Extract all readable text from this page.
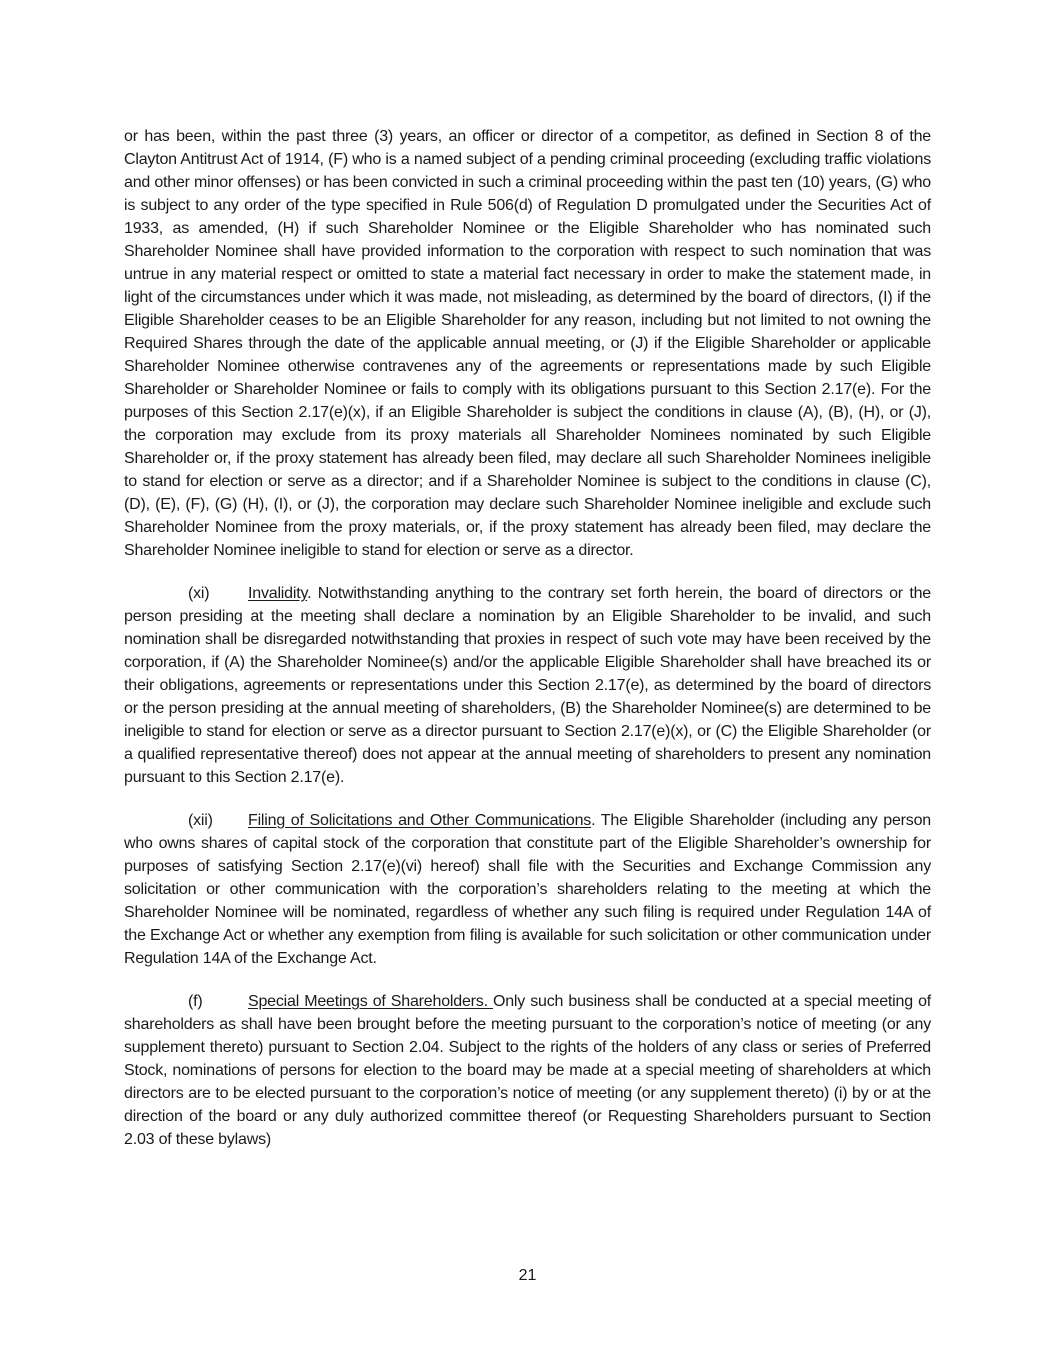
or has been, within the past three (3) years, an officer or director of a competitor, as defined in Section 8 of the Clayton Antitrust Act of 1914, (F) who is a named subject of a pending criminal proceeding (excluding traffic violations and other minor offenses) or has been convicted in such a criminal proceeding within the past ten (10) years, (G) who is subject to any order of the type specified in Rule 506(d) of Regulation D promulgated under the Securities Act of 1933, as amended, (H) if such Shareholder Nominee or the Eligible Shareholder who has nominated such Shareholder Nominee shall have provided information to the corporation with respect to such nomination that was untrue in any material respect or omitted to state a material fact necessary in order to make the statement made, in light of the circumstances under which it was made, not misleading, as determined by the board of directors, (I) if the Eligible Shareholder ceases to be an Eligible Shareholder for any reason, including but not limited to not owning the Required Shares through the date of the applicable annual meeting, or (J) if the Eligible Shareholder or applicable Shareholder Nominee otherwise contravenes any of the agreements or representations made by such Eligible Shareholder or Shareholder Nominee or fails to comply with its obligations pursuant to this Section 2.17(e). For the purposes of this Section 2.17(e)(x), if an Eligible Shareholder is subject the conditions in clause (A), (B), (H), or (J), the corporation may exclude from its proxy materials all Shareholder Nominees nominated by such Eligible Shareholder or, if the proxy statement has already been filed, may declare all such Shareholder Nominees ineligible to stand for election or serve as a director; and if a Shareholder Nominee is subject to the conditions in clause (C), (D), (E), (F), (G) (H), (I), or (J), the corporation may declare such Shareholder Nominee ineligible and exclude such Shareholder Nominee from the proxy materials, or, if the proxy statement has already been filed, may declare the Shareholder Nominee ineligible to stand for election or serve as a director.

(xi) Invalidity. Notwithstanding anything to the contrary set forth herein, the board of directors or the person presiding at the meeting shall declare a nomination by an Eligible Shareholder to be invalid, and such nomination shall be disregarded notwithstanding that proxies in respect of such vote may have been received by the corporation, if (A) the Shareholder Nominee(s) and/or the applicable Eligible Shareholder shall have breached its or their obligations, agreements or representations under this Section 2.17(e), as determined by the board of directors or the person presiding at the annual meeting of shareholders, (B) the Shareholder Nominee(s) are determined to be ineligible to stand for election or serve as a director pursuant to Section 2.17(e)(x), or (C) the Eligible Shareholder (or a qualified representative thereof) does not appear at the annual meeting of shareholders to present any nomination pursuant to this Section 2.17(e).

(xii) Filing of Solicitations and Other Communications. The Eligible Shareholder (including any person who owns shares of capital stock of the corporation that constitute part of the Eligible Shareholder’s ownership for purposes of satisfying Section 2.17(e)(vi) hereof) shall file with the Securities and Exchange Commission any solicitation or other communication with the corporation’s shareholders relating to the meeting at which the Shareholder Nominee will be nominated, regardless of whether any such filing is required under Regulation 14A of the Exchange Act or whether any exemption from filing is available for such solicitation or other communication under Regulation 14A of the Exchange Act.

(f)	Special Meetings of Shareholders. Only such business shall be conducted at a special meeting of shareholders as shall have been brought before the meeting pursuant to the corporation’s notice of meeting (or any supplement thereto) pursuant to Section 2.04. Subject to the rights of the holders of any class or series of Preferred Stock, nominations of persons for election to the board may be made at a special meeting of shareholders at which directors are to be elected pursuant to the corporation’s notice of meeting (or any supplement thereto) (i) by or at the direction of the board or any duly authorized committee thereof (or Requesting Shareholders pursuant to Section 2.03 of these bylaws)

21
